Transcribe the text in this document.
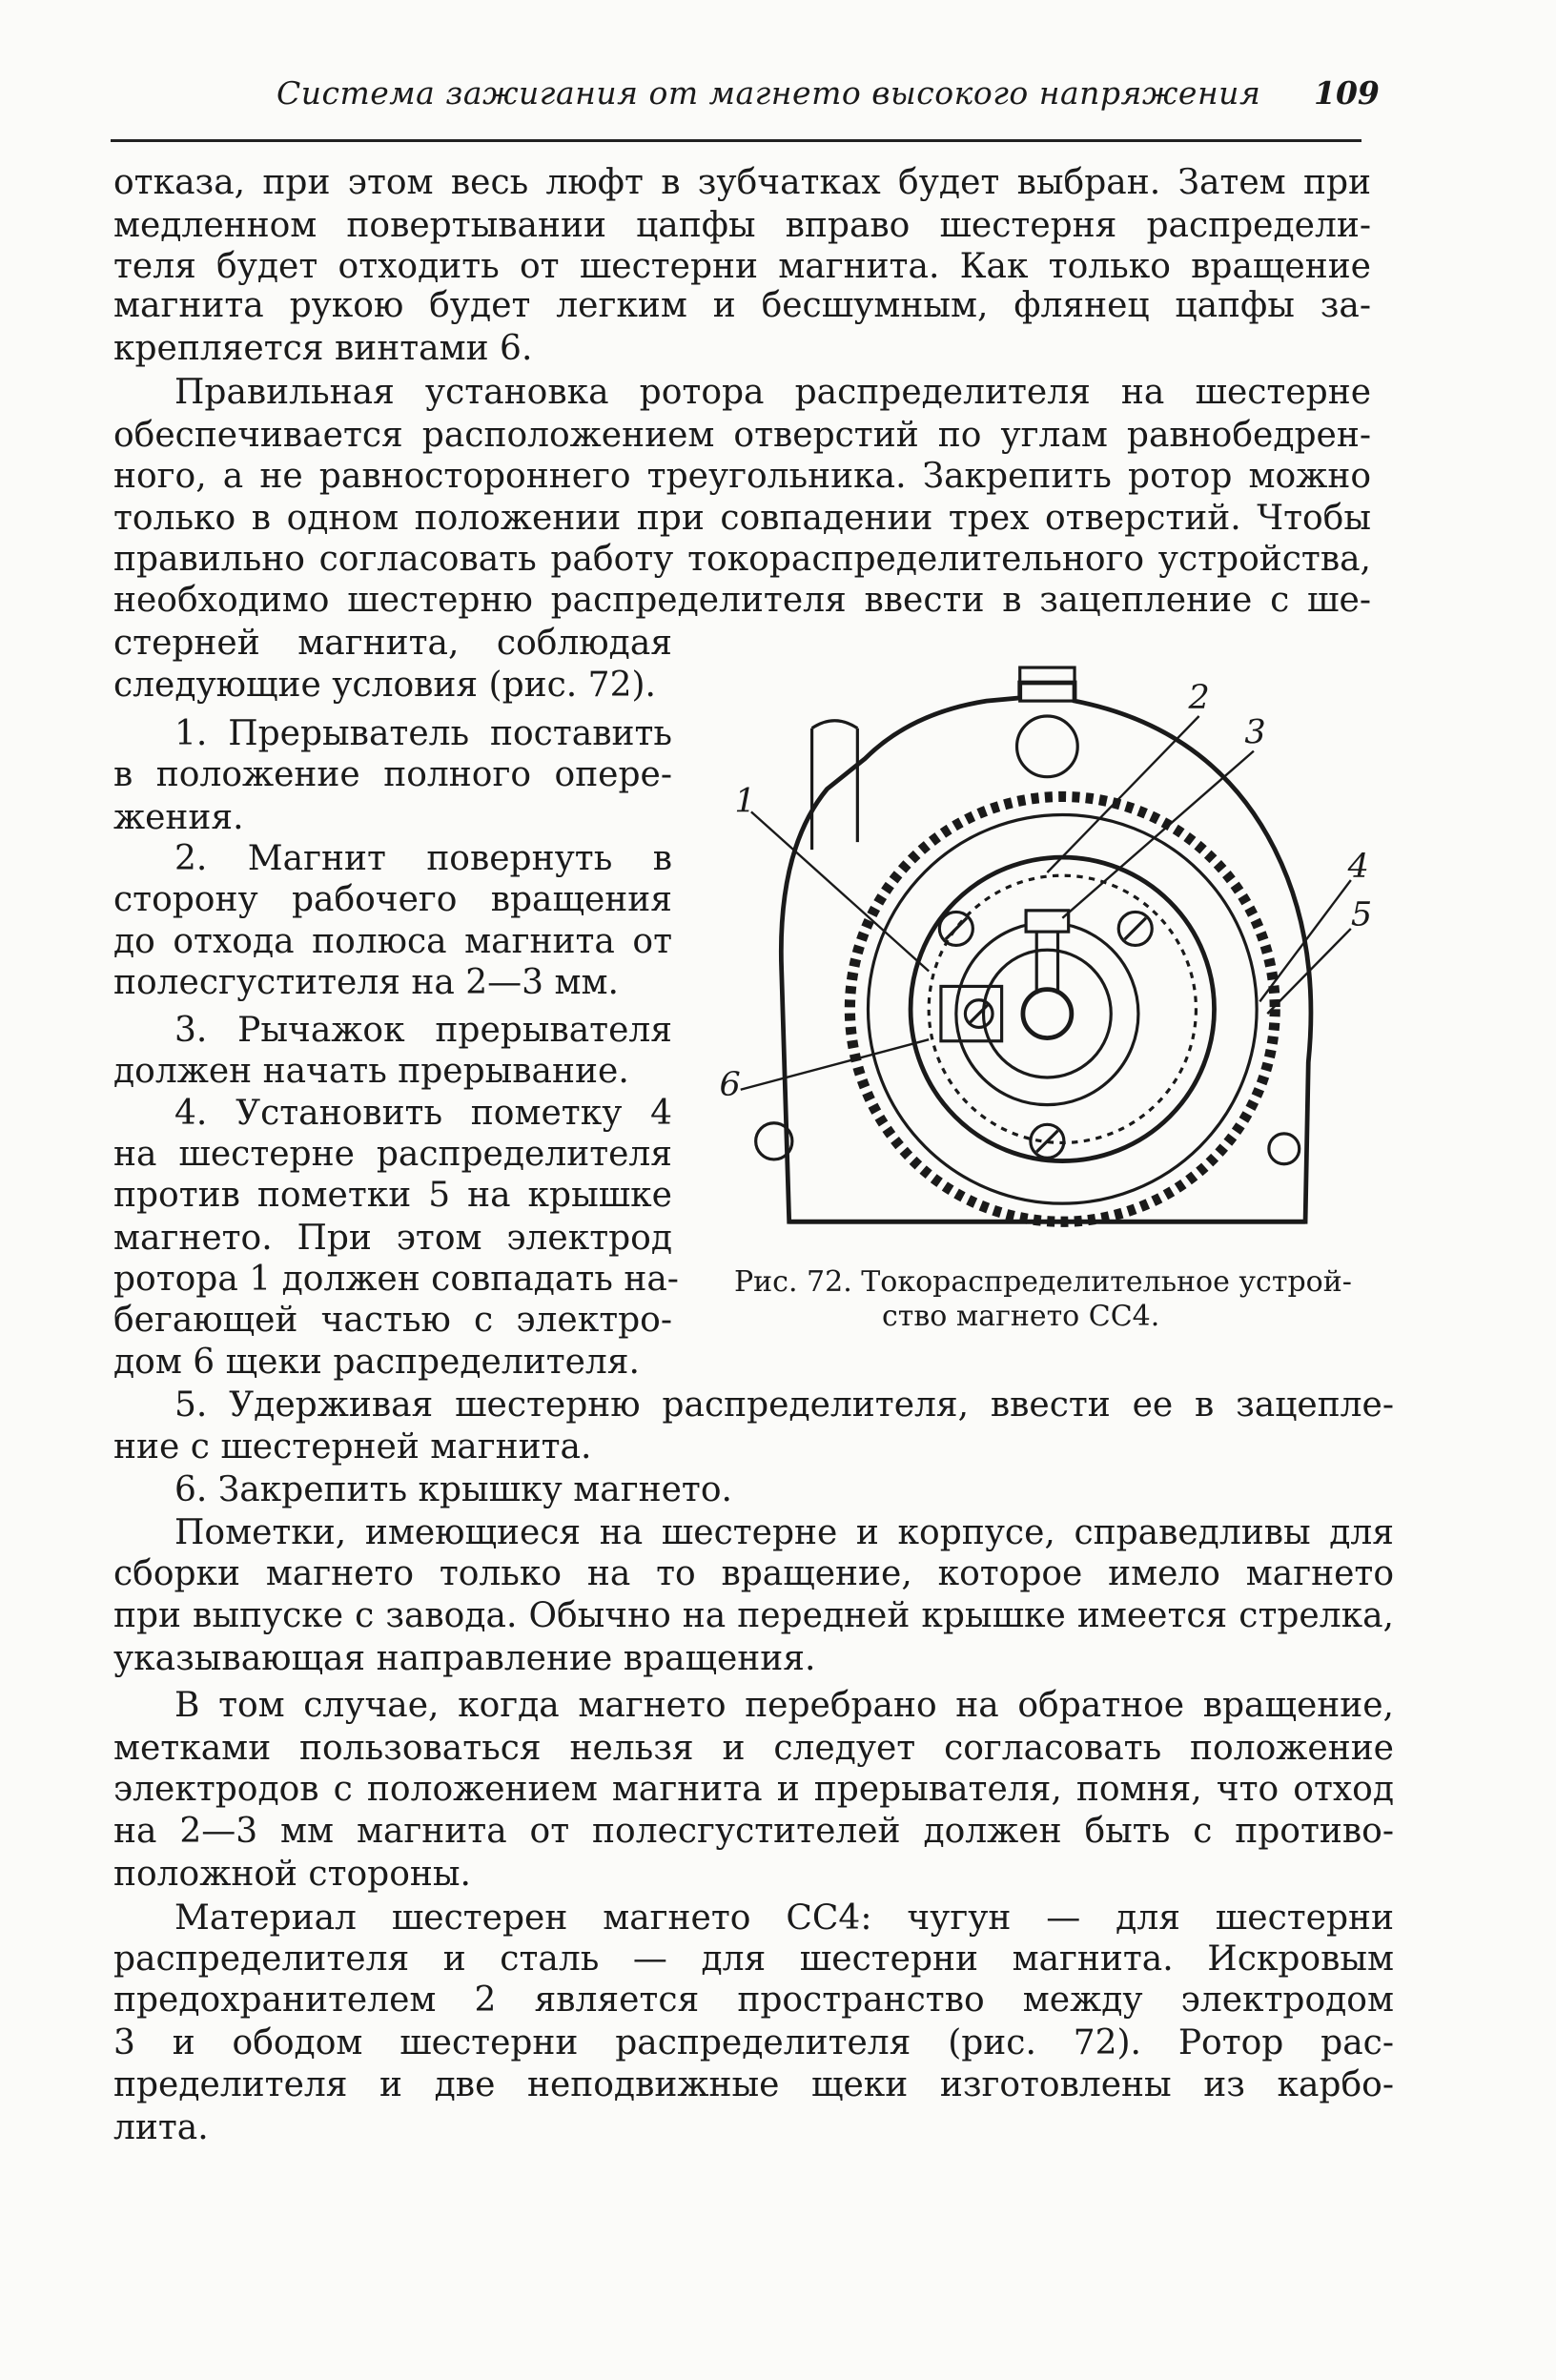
Система зажигания от магнето высокого напряжения 109
отказа, при этом весь люфт в зубчатках будет выбран. Затем при
медленном повертывании цапфы вправо шестерня распредели-
теля будет отходить от шестерни магнита. Как только вращение
магнита рукою будет легким и бесшумным, флянец цапфы за-
крепляется винтами 6.
Правильная установка ротора распределителя на шестерне
обеспечивается расположением отверстий по углам равнобедрен-
ного, а не равностороннего треугольника. Закрепить ротор можно
только в одном положении при совпадении трех отверстий. Чтобы
правильно согласовать работу токораспределительного устройства,
необходимо шестерню распределителя ввести в зацепление с ше-
стерней магнита, соблюдая
следующие условия (рис. 72).
1. Прерыватель поставить
в положение полного опере-
жения.
2. Магнит повернуть в
сторону рабочего вращения
до отхода полюса магнита от
полесгустителя на 2—3 мм.
3. Рычажок прерывателя
должен начать прерывание.
4. Установить пометку 4
на шестерне распределителя
против пометки 5 на крышке
магнето. При этом электрод
ротора 1 должен совпадать на-
бегающей частью с электро-
дом 6 щеки распределителя.
5. Удерживая шестерню распределителя, ввести ее в зацепле-
ние с шестерней магнита.
6. Закрепить крышку магнето.
Пометки, имеющиеся на шестерне и корпусе, справедливы для
сборки магнето только на то вращение, которое имело магнето
при выпуске с завода. Обычно на передней крышке имеется стрелка,
указывающая направление вращения.
В том случае, когда магнето перебрано на обратное вращение,
метками пользоваться нельзя и следует согласовать положение
электродов с положением магнита и прерывателя, помня, что отход
на 2—3 мм магнита от полесгустителей должен быть с противо-
положной стороны.
Материал шестерен магнето СС4: чугун — для шестерни
распределителя и сталь — для шестерни магнита. Искровым
предохранителем 2 является пространство между электродом
3 и ободом шестерни распределителя (рис. 72). Ротор рас-
пределителя и две неподвижные щеки изготовлены из карбо-
лита.
1
2
3
4
5
6
Рис. 72. Токораспределительное устрой-
ство магнето СС4.
